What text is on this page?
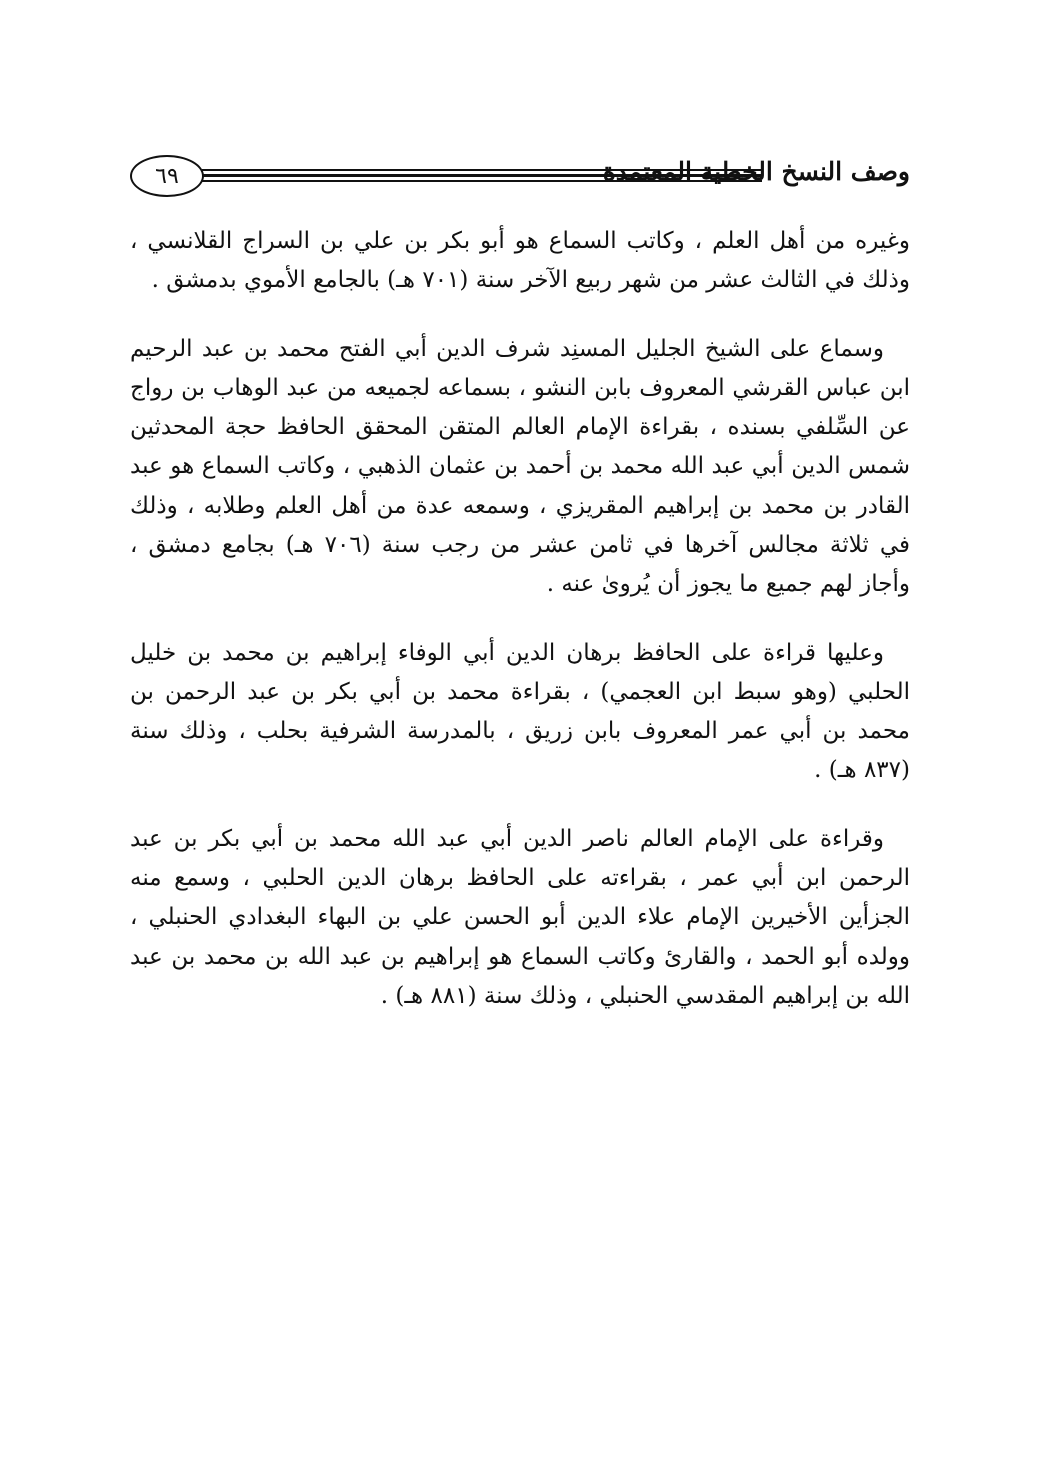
٦٩	وصف النسخ الخطية المعتمدة

وغيره من أهل العلم ، وكاتب السماع هو أبو بكر بن علي بن السراج القلانسي ، وذلك في الثالث عشر من شهر ربيع الآخر سنة (٧٠١ هـ) بالجامع الأموي بدمشق .

وسماع على الشيخ الجليل المسنِد شرف الدين أبي الفتح محمد بن عبد الرحيم ابن عباس القرشي المعروف بابن النشو ، بسماعه لجميعه من عبد الوهاب بن رواج عن السِّلفي بسنده ، بقراءة الإمام العالم المتقن المحقق الحافظ حجة المحدثين شمس الدين أبي عبد الله محمد بن أحمد بن عثمان الذهبي ، وكاتب السماع هو عبد القادر بن محمد بن إبراهيم المقريزي ، وسمعه عدة من أهل العلم وطلابه ، وذلك في ثلاثة مجالس آخرها في ثامن عشر من رجب سنة (٧٠٦ هـ) بجامع دمشق ، وأجاز لهم جميع ما يجوز أن يُروىٰ عنه .

وعليها قراءة على الحافظ برهان الدين أبي الوفاء إبراهيم بن محمد بن خليل الحلبي (وهو سبط ابن العجمي) ، بقراءة محمد بن أبي بكر بن عبد الرحمن بن محمد بن أبي عمر المعروف بابن زريق ، بالمدرسة الشرفية بحلب ، وذلك سنة (٨٣٧ هـ) .

وقراءة على الإمام العالم ناصر الدين أبي عبد الله محمد بن أبي بكر بن عبد الرحمن ابن أبي عمر ، بقراءته على الحافظ برهان الدين الحلبي ، وسمع منه الجزأين الأخيرين الإمام علاء الدين أبو الحسن علي بن البهاء البغدادي الحنبلي ، وولده أبو الحمد ، والقارئ وكاتب السماع هو إبراهيم بن عبد الله بن محمد بن عبد الله بن إبراهيم المقدسي الحنبلي ، وذلك سنة (٨٨١ هـ) .
